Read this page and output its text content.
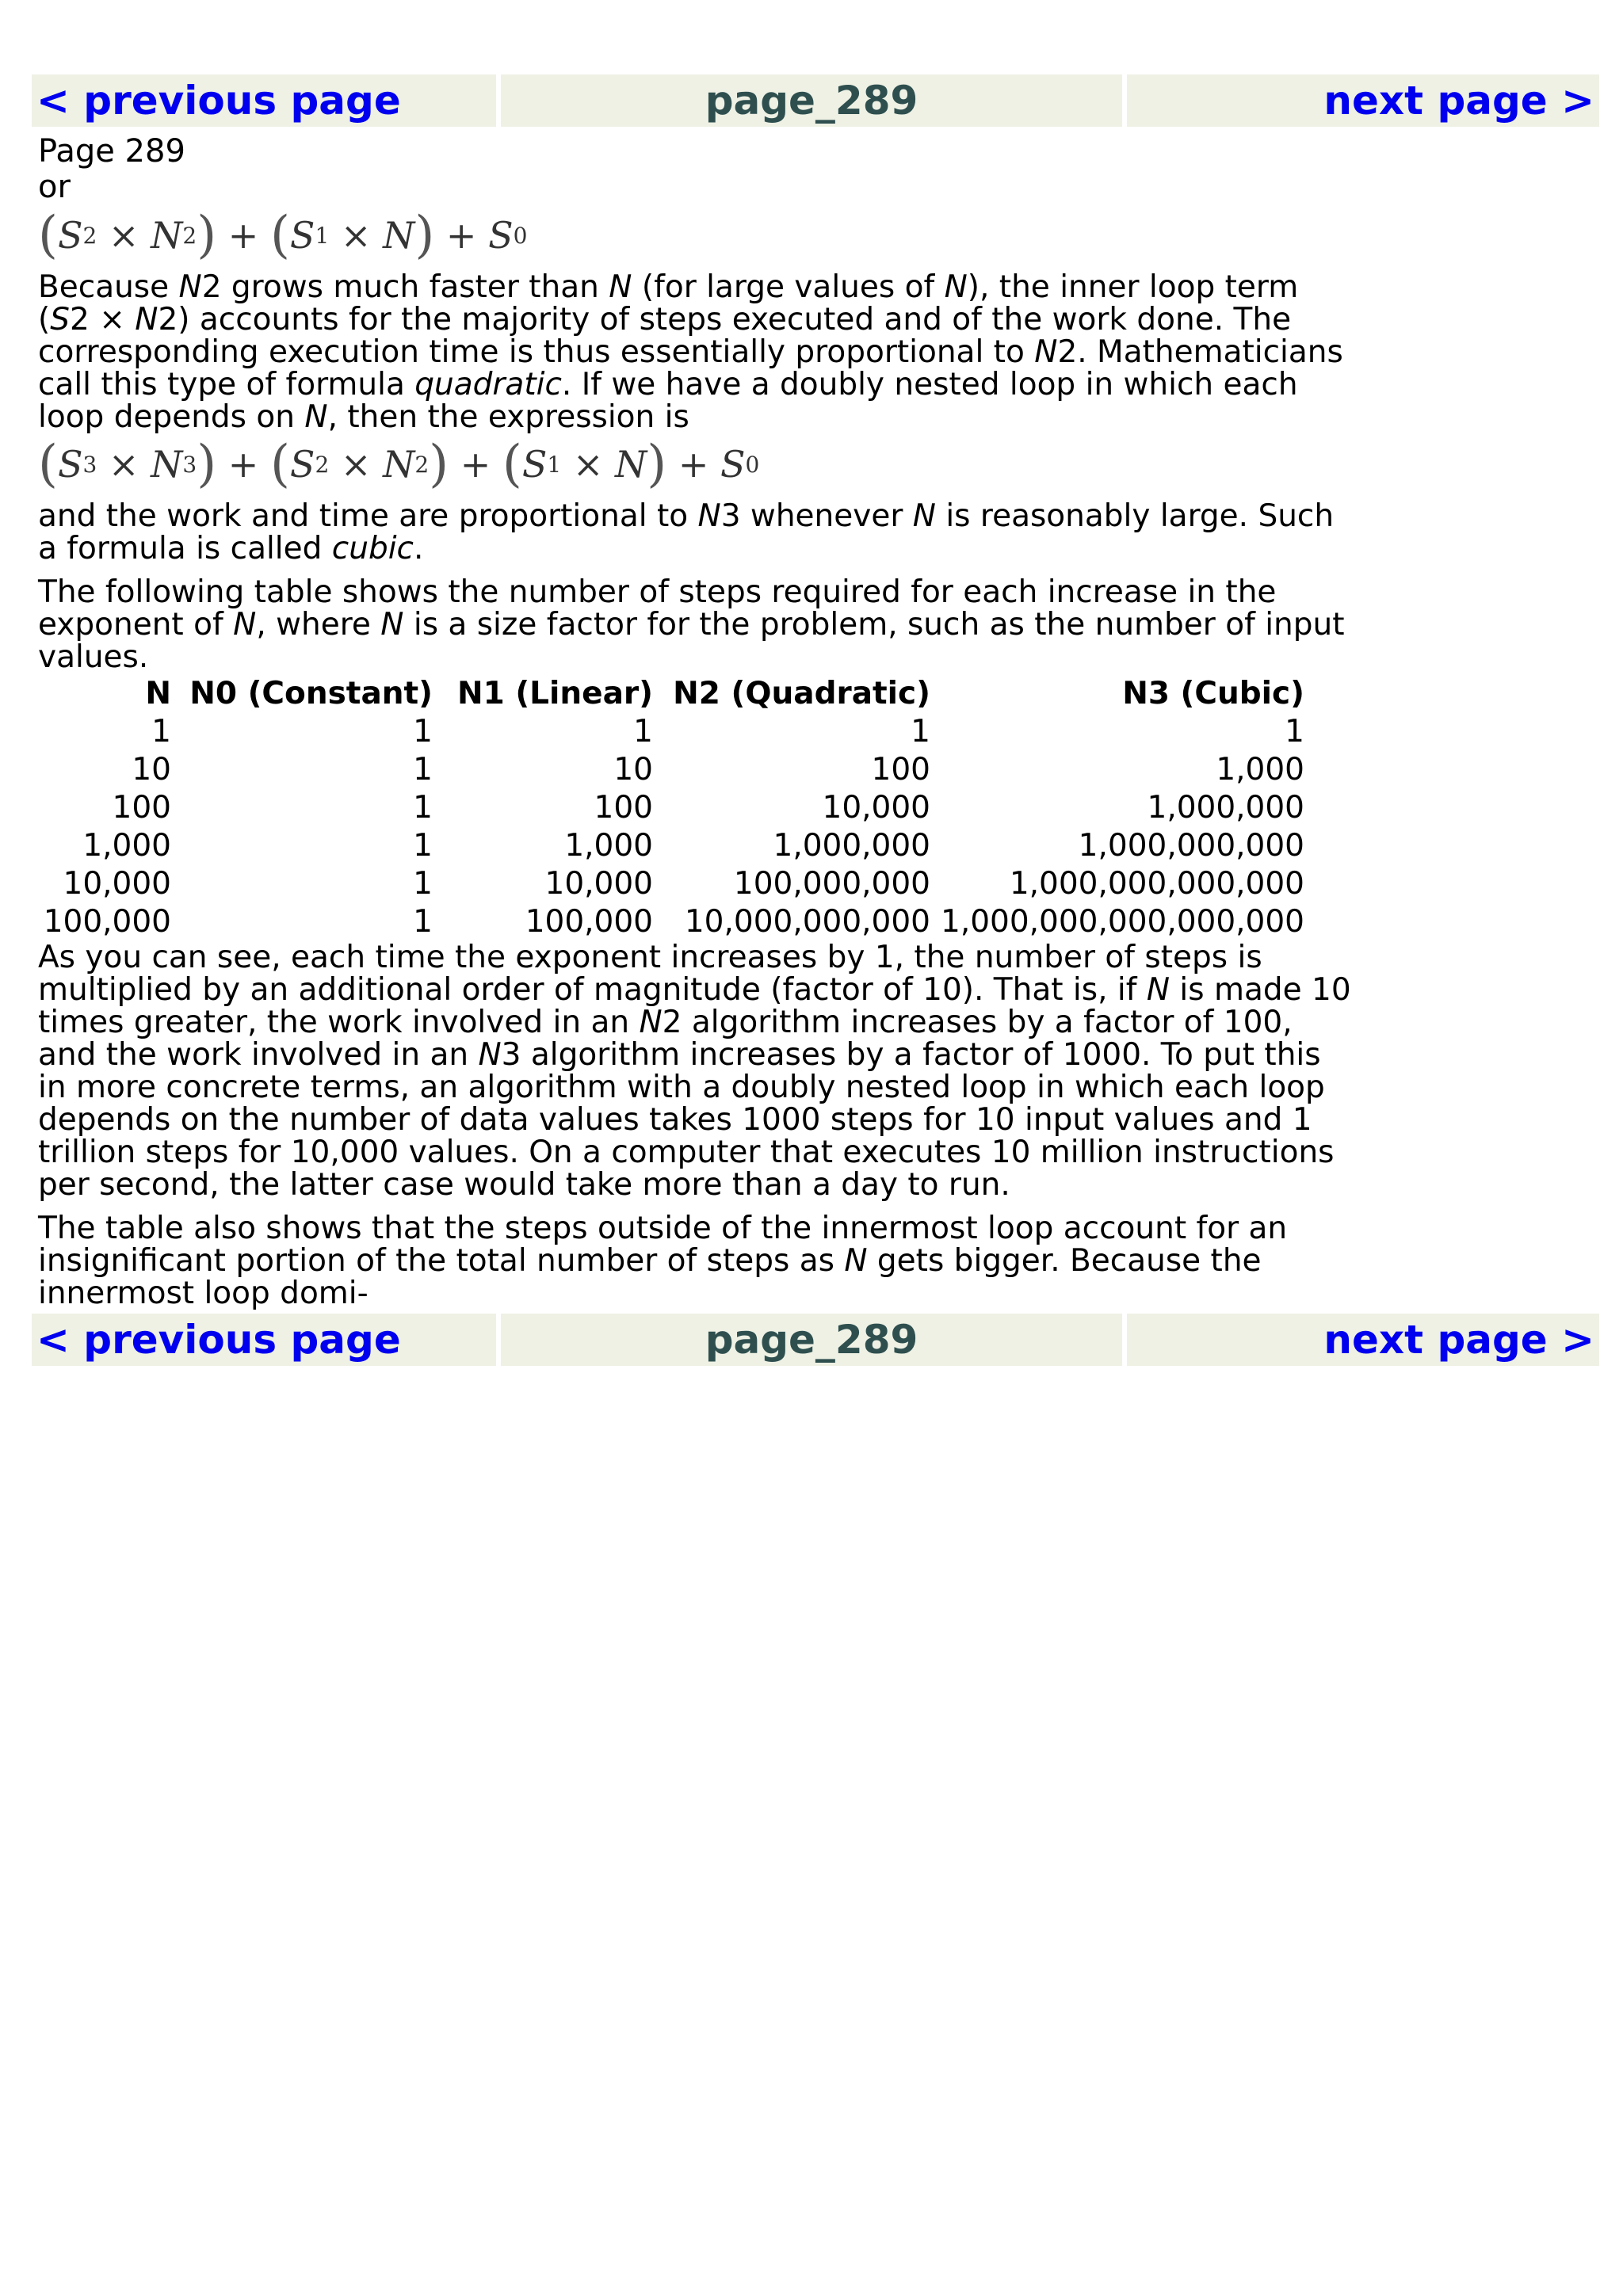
< previous page	page_289	next page >

Page 289

or

( S 2 × N 2 ) + ( S 1 × N ) + S 0

Because N2 grows much faster than N (for large values of N), the inner loop term (S2 × N2) accounts for the majority of steps executed and of the work done. The corresponding execution time is thus essentially proportional to N2. Mathematicians call this type of formula quadratic. If we have a doubly nested loop in which each loop depends on N, then the expression is

( S 3 × N 3 ) + ( S 2 × N 2 ) + ( S 1 × N ) + S 0

and the work and time are proportional to N3 whenever N is reasonably large. Such a formula is called cubic.

The following table shows the number of steps required for each increase in the exponent of N, where N is a size factor for the problem, such as the number of input values.

N	N0 (Constant)	N1 (Linear)	N2 (Quadratic)	N3 (Cubic)
1	1	1	1	1
10	1	10	100	1,000
100	1	100	10,000	1,000,000
1,000	1	1,000	1,000,000	1,000,000,000
10,000	1	10,000	100,000,000	1,000,000,000,000
100,000	1	100,000	10,000,000,000	1,000,000,000,000,000

As you can see, each time the exponent increases by 1, the number of steps is multiplied by an additional order of magnitude (factor of 10). That is, if N is made 10 times greater, the work involved in an N2 algorithm increases by a factor of 100, and the work involved in an N3 algorithm increases by a factor of 1000. To put this in more concrete terms, an algorithm with a doubly nested loop in which each loop depends on the number of data values takes 1000 steps for 10 input values and 1 trillion steps for 10,000 values. On a computer that executes 10 million instructions per second, the latter case would take more than a day to run.

The table also shows that the steps outside of the innermost loop account for an insignificant portion of the total number of steps as N gets bigger. Because the innermost loop domi-

< previous page	page_289	next page >
